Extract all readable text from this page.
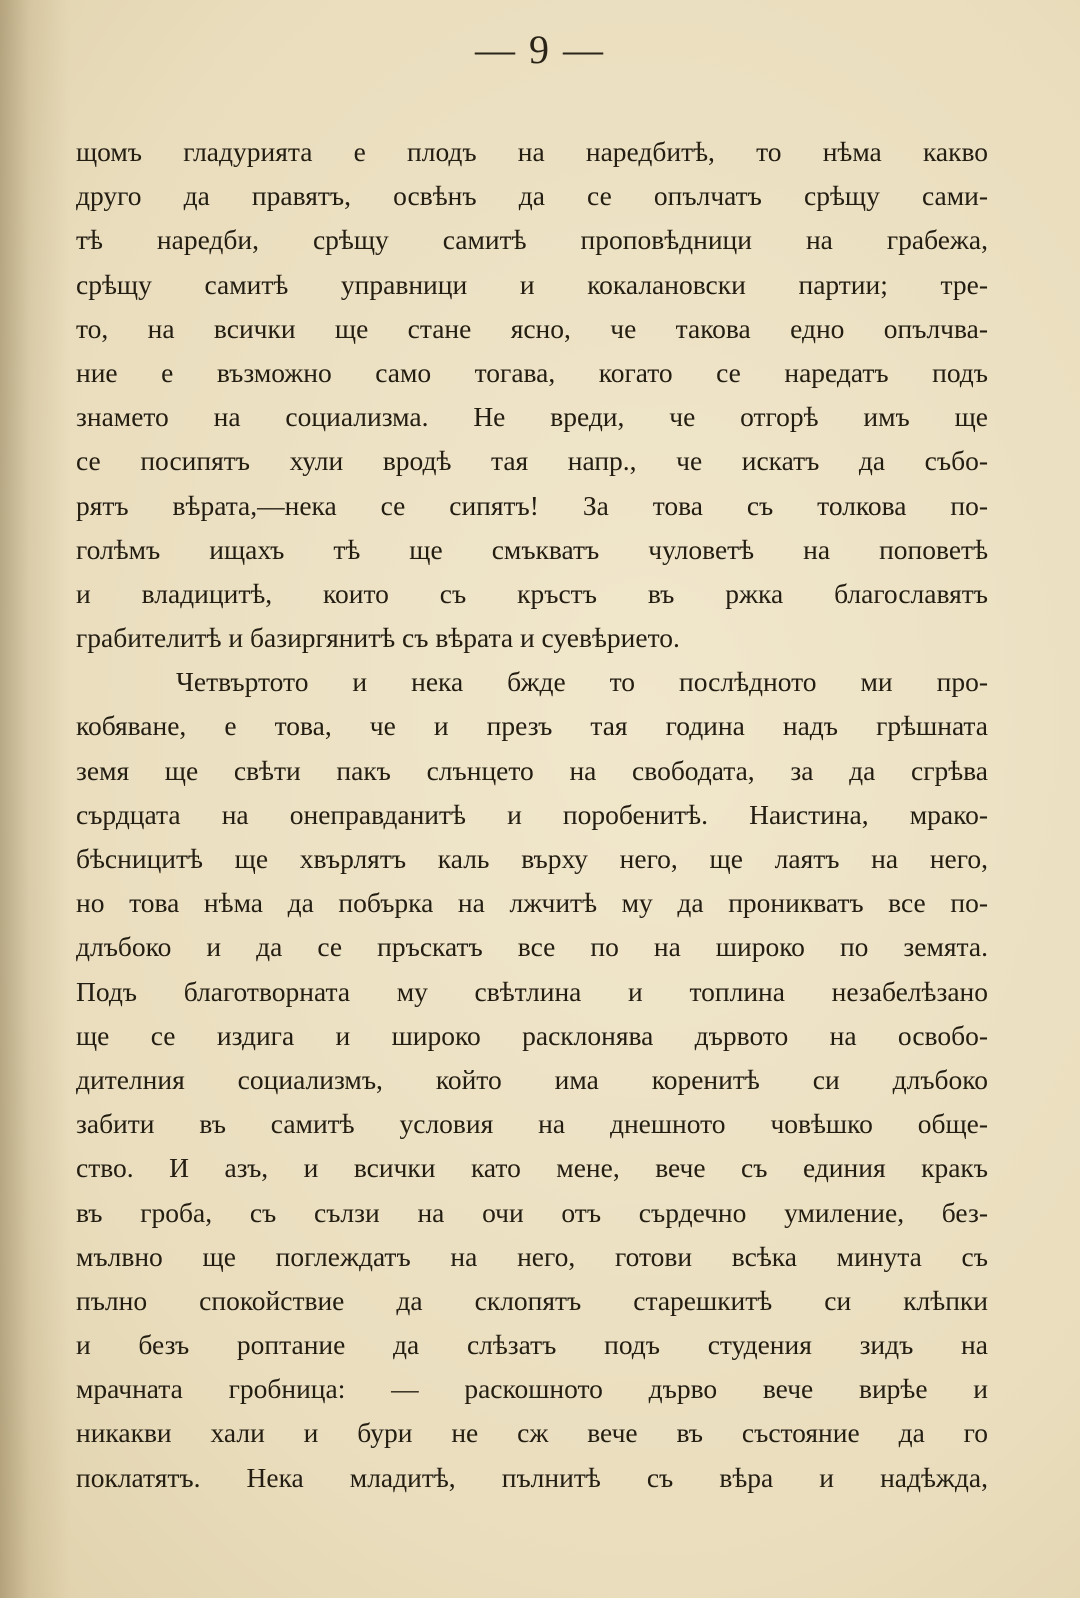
— 9 —
щомъ гладурията е плодъ на наредбитѣ, то нѣма какво
друго да правятъ, освѣнъ да се опълчатъ срѣщу сами-
тѣ наредби, срѣщу самитѣ проповѣдници на грабежа,
срѣщу самитѣ управници и кокалановски партии; тре-
то, на всички ще стане ясно, че такова едно опълчва-
ние е възможно само тогава, когато се наредатъ подъ
знамето на социализма. Не вреди, че отгорѣ имъ ще
се посипятъ хули вродѣ тая напр., че искатъ да събо-
рятъ вѣрата,—нека се сипятъ! За това съ толкова по-
голѣмъ ищахъ тѣ ще смъкватъ чуловетѣ на поповетѣ
и владицитѣ, които съ кръстъ въ ржка благославятъ
грабителитѣ и базиргянитѣ съ вѣрата и суевѣрието.
Четвъртото и нека бжде то послѣдното ми про-
кобяване, е това, че и презъ тая година надъ грѣшната
земя ще свѣти пакъ слънцето на свободата, за да сгрѣва
сърдцата на онеправданитѣ и поробенитѣ. Наистина, мрако-
бѣсницитѣ ще хвърлятъ каль върху него, ще лаятъ на него,
но това нѣма да побърка на лжчитѣ му да проникватъ все по-
длъбоко и да се пръскатъ все по на широко по земята.
Подъ благотворната му свѣтлина и топлина незабелѣзано
ще се издига и широко расклонява дървото на освобо-
дителния социализмъ, който има коренитѣ си длъбоко
забити въ самитѣ условия на днешното човѣшко обще-
ство. И азъ, и всички като мене, вече съ единия кракъ
въ гроба, съ сълзи на очи отъ сърдечно умиление, без-
мълвно ще поглеждатъ на него, готови всѣка минута съ
пълно спокойствие да склопятъ старешкитѣ си клѣпки
и безъ роптание да слѣзатъ подъ студения зидъ на
мрачната гробница: — раскошното дърво вече вирѣе и
никакви хали и бури не сж вече въ състояние да го
поклатятъ. Нека младитѣ, пълнитѣ съ вѣра и надѣжда,
